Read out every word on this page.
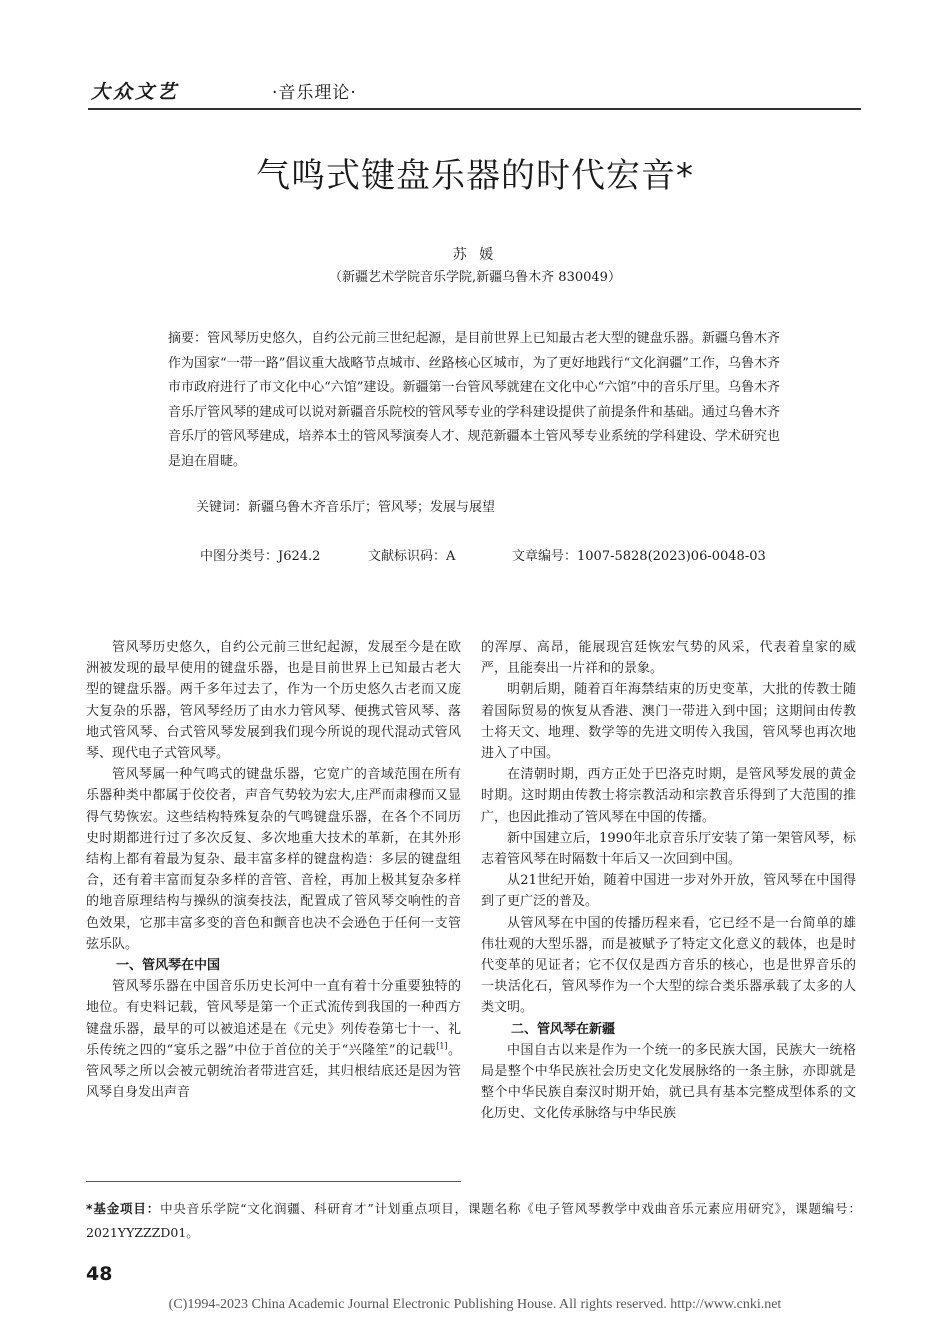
大众文艺	·音乐理论·
气鸣式键盘乐器的时代宏音*
苏 媛
（新疆艺术学院音乐学院,新疆乌鲁木齐 830049）
摘要：管风琴历史悠久，自约公元前三世纪起源，是目前世界上已知最古老大型的键盘乐器。新疆乌鲁木齐作为国家“一带一路”倡议重大战略节点城市、丝路核心区城市，为了更好地践行“文化润疆”工作，乌鲁木齐市市政府进行了市文化中心“六馆”建设。新疆第一台管风琴就建在文化中心“六馆”中的音乐厅里。乌鲁木齐音乐厅管风琴的建成可以说对新疆音乐院校的管风琴专业的学科建设提供了前提条件和基础。通过乌鲁木齐音乐厅的管风琴建成，培养本土的管风琴演奏人才、规范新疆本土管风琴专业系统的学科建设、学术研究也是迫在眉睫。
关键词：新疆乌鲁木齐音乐厅；管风琴；发展与展望
中图分类号：J624.2	文献标识码：A	文章编号：1007-5828(2023)06-0048-03

管风琴历史悠久，自约公元前三世纪起源，发展至今是在欧洲被发现的最早使用的键盘乐器，也是目前世界上已知最古老大型的键盘乐器。两千多年过去了，作为一个历史悠久古老而又庞大复杂的乐器，管风琴经历了由水力管风琴、便携式管风琴、落地式管风琴、台式管风琴发展到我们现今所说的现代混动式管风琴、现代电子式管风琴。

管风琴属一种气鸣式的键盘乐器，它宽广的音域范围在所有乐器种类中都属于佼佼者，声音气势较为宏大,庄严而肃穆而又显得气势恢宏。这些结构特殊复杂的气鸣键盘乐器，在各个不同历史时期都进行过了多次反复、多次地重大技术的革新，在其外形结构上都有着最为复杂、最丰富多样的键盘构造：多层的键盘组合，还有着丰富而复杂多样的音管、音栓，再加上极其复杂多样的地音原理结构与操纵的演奏技法，配置成了管风琴交响性的音色效果，它那丰富多变的音色和颤音也决不会逊色于任何一支管弦乐队。

一、管风琴在中国

管风琴乐器在中国音乐历史长河中一直有着十分重要独特的地位。有史料记载，管风琴是第一个正式流传到我国的一种西方键盘乐器，最早的可以被追述是在《元史》列传卷第七十一、礼乐传统之四的“宴乐之器”中位于首位的关于“兴隆笙”的记载[1]。管风琴之所以会被元朝统治者带进宫廷，其归根结底还是因为管风琴自身发出声音

的浑厚、高昂，能展现宫廷恢宏气势的风采，代表着皇家的威严，且能奏出一片祥和的景象。

明朝后期，随着百年海禁结束的历史变革，大批的传教士随着国际贸易的恢复从香港、澳门一带进入到中国；这期间由传教士将天文、地理、数学等的先进文明传入我国，管风琴也再次地进入了中国。

在清朝时期，西方正处于巴洛克时期，是管风琴发展的黄金时期。这时期由传教士将宗教活动和宗教音乐得到了大范围的推广，也因此推动了管风琴在中国的传播。

新中国建立后，1990年北京音乐厅安装了第一架管风琴，标志着管风琴在时隔数十年后又一次回到中国。

从21世纪开始，随着中国进一步对外开放，管风琴在中国得到了更广泛的普及。

从管风琴在中国的传播历程来看，它已经不是一台简单的雄伟壮观的大型乐器，而是被赋予了特定文化意义的载体，也是时代变革的见证者；它不仅仅是西方音乐的核心，也是世界音乐的一块活化石，管风琴作为一个大型的综合类乐器承载了太多的人类文明。

二、管风琴在新疆

中国自古以来是作为一个统一的多民族大国，民族大一统格局是整个中华民族社会历史文化发展脉络的一条主脉，亦即就是整个中华民族自秦汉时期开始，就已具有基本完整成型体系的文化历史、文化传承脉络与中华民族

*基金项目：中央音乐学院“文化润疆、科研育才”计划重点项目，课题名称《电子管风琴教学中戏曲音乐元素应用研究》，课题编号：2021YYZZZD01。
48
(C)1994-2023 China Academic Journal Electronic Publishing House. All rights reserved. http://www.cnki.net
